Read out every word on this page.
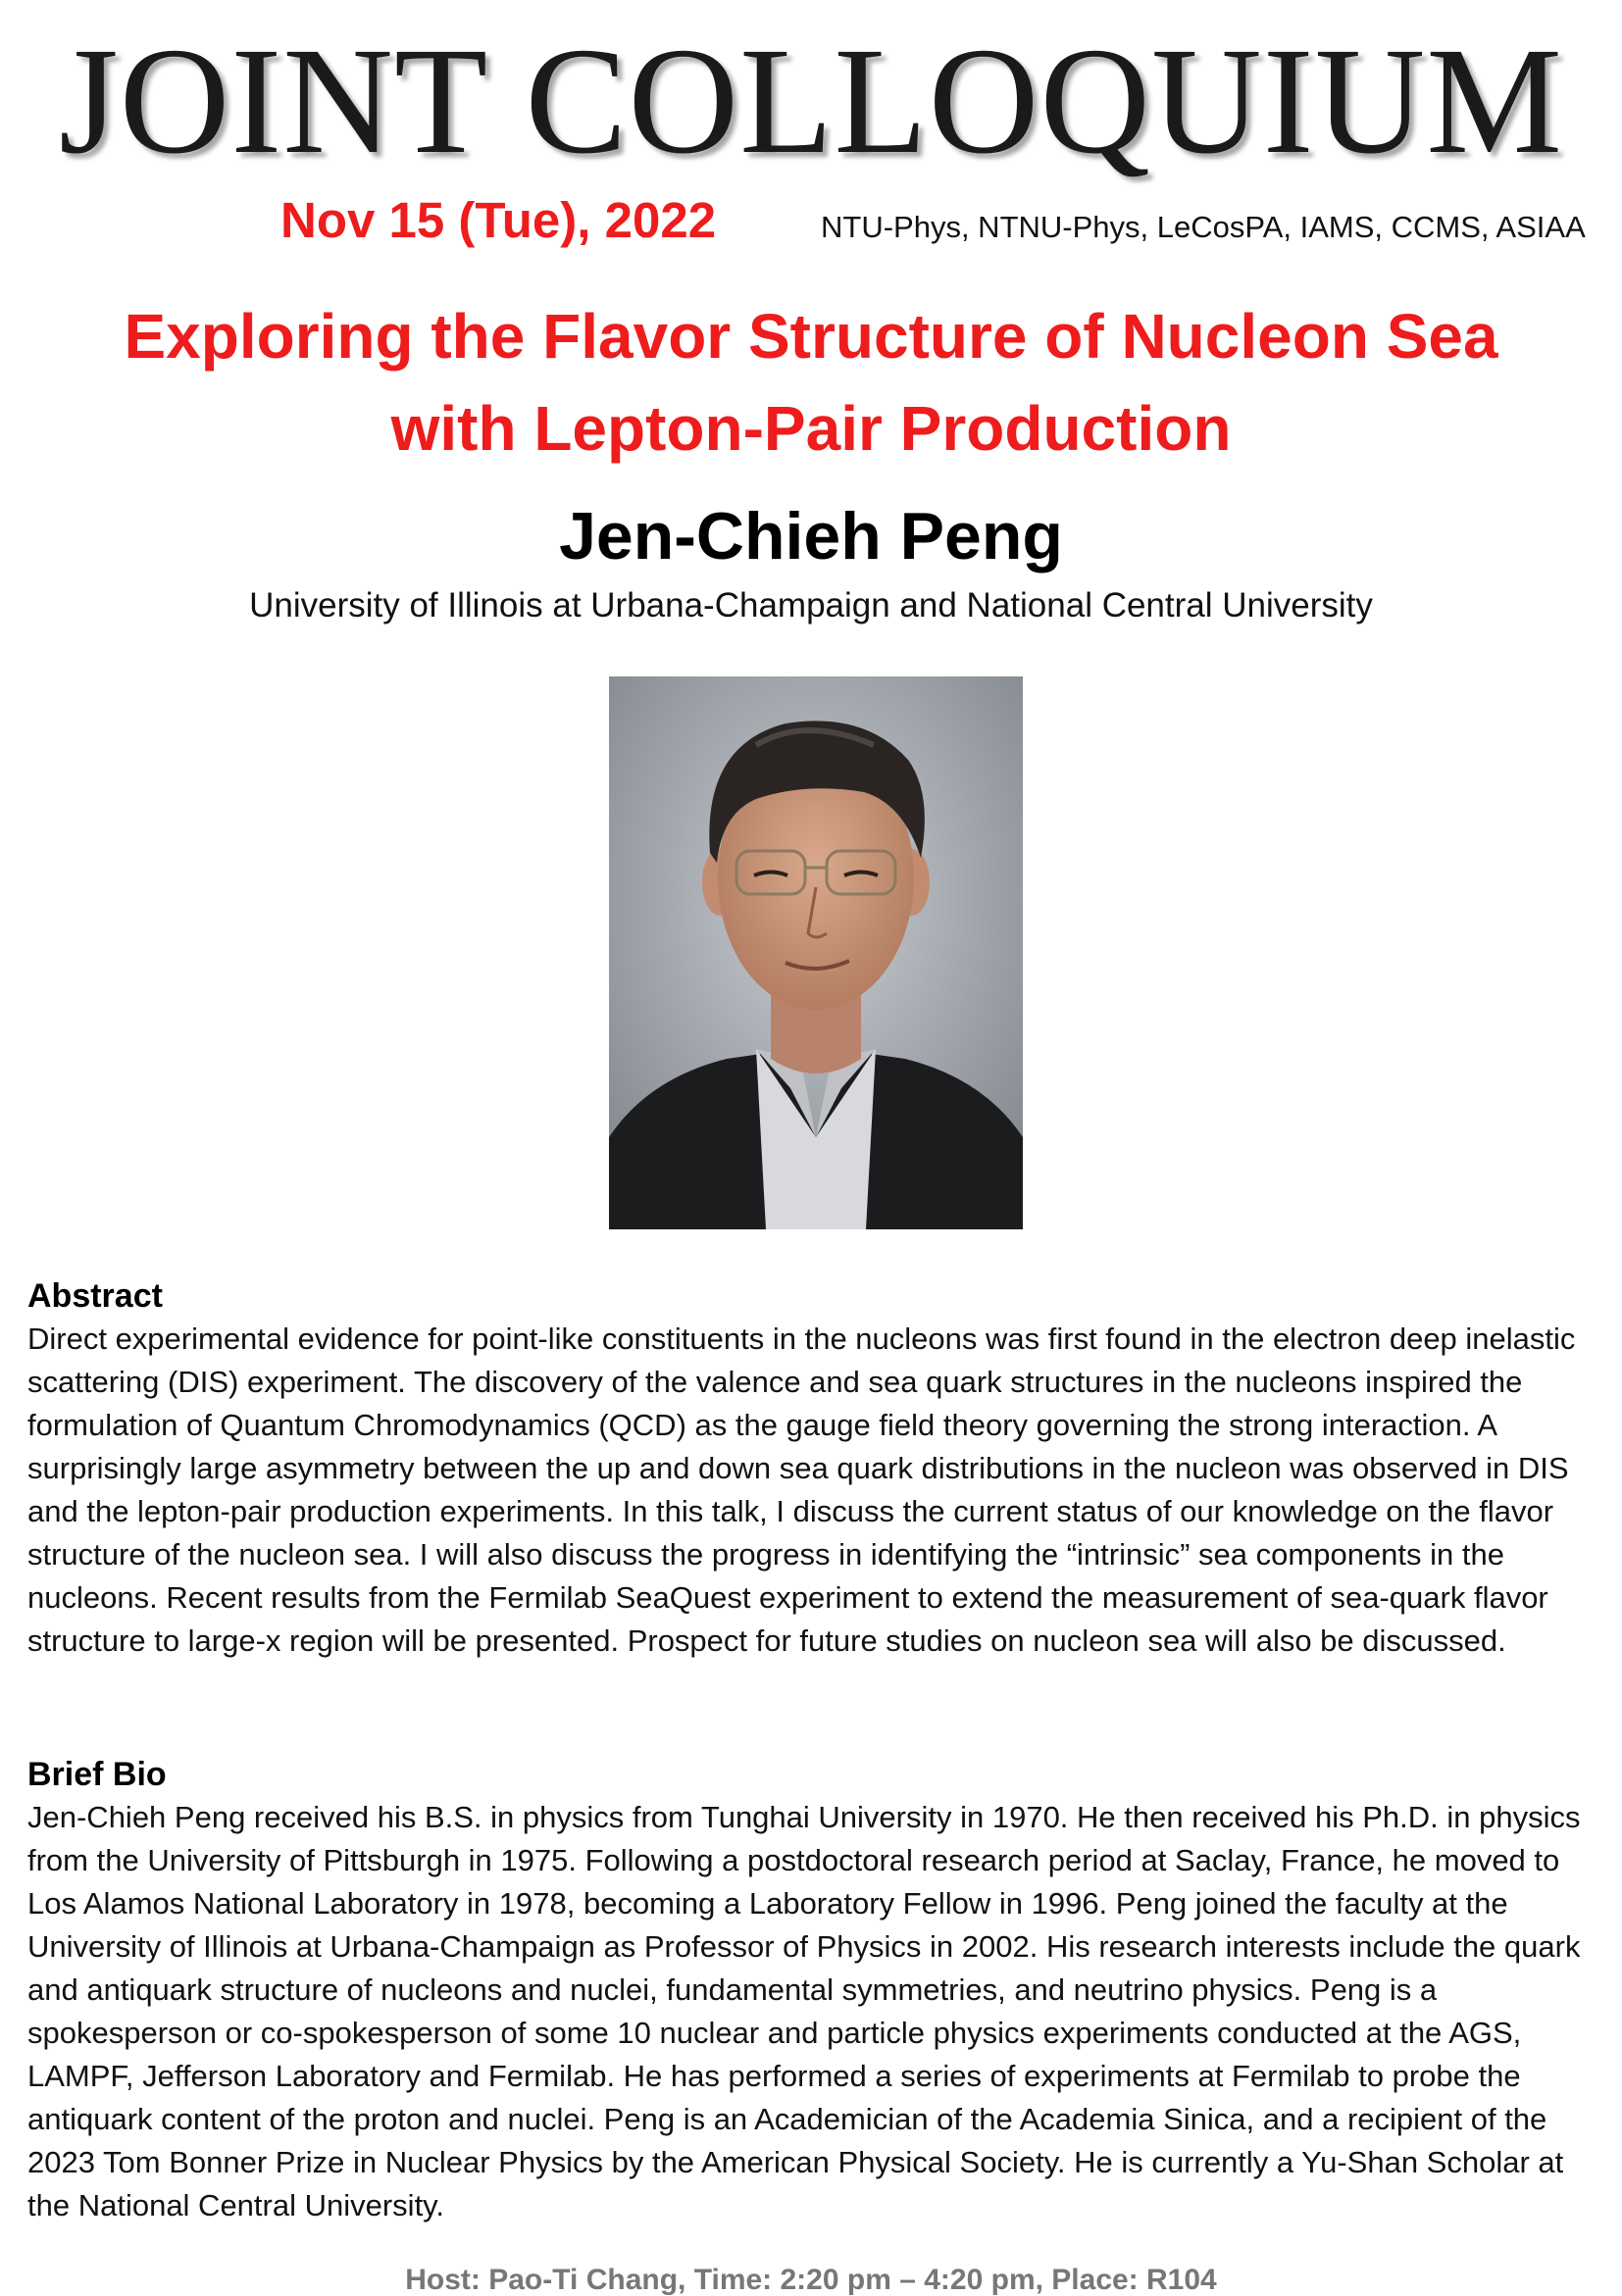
JOINT COLLOQUIUM
Nov 15 (Tue), 2022	NTU-Phys, NTNU-Phys, LeCosPA, IAMS, CCMS, ASIAA
Exploring the Flavor Structure of Nucleon Sea
with Lepton-Pair Production
Jen-Chieh Peng
University of Illinois at Urbana-Champaign and National Central University
Abstract

Direct experimental evidence for point-like constituents in the nucleons was first found in the electron deep inelastic scattering (DIS) experiment. The discovery of the valence and sea quark structures in the nucleons inspired the formulation of Quantum Chromodynamics (QCD) as the gauge field theory governing the strong interaction. A surprisingly large asymmetry between the up and down sea quark distributions in the nucleon was observed in DIS and the lepton-pair production experiments. In this talk, I discuss the current status of our knowledge on the flavor structure of the nucleon sea. I will also discuss the progress in identifying the “intrinsic” sea components in the nucleons. Recent results from the Fermilab SeaQuest experiment to extend the measurement of sea-quark flavor structure to large-x region will be presented. Prospect for future studies on nucleon sea will also be discussed.

Brief Bio

Jen-Chieh Peng received his B.S. in physics from Tunghai University in 1970. He then received his Ph.D. in physics from the University of Pittsburgh in 1975. Following a postdoctoral research period at Saclay, France, he moved to Los Alamos National Laboratory in 1978, becoming a Laboratory Fellow in 1996. Peng joined the faculty at the University of Illinois at Urbana-Champaign as Professor of Physics in 2002. His research interests include the quark and antiquark structure of nucleons and nuclei, fundamental symmetries, and neutrino physics. Peng is a spokesperson or co-spokesperson of some 10 nuclear and particle physics experiments conducted at the AGS, LAMPF, Jefferson Laboratory and Fermilab. He has performed a series of experiments at Fermilab to probe the antiquark content of the proton and nuclei. Peng is an Academician of the Academia Sinica, and a recipient of the 2023 Tom Bonner Prize in Nuclear Physics by the American Physical Society. He is currently a Yu-Shan Scholar at the National Central University.

Host: Pao-Ti Chang, Time: 2:20 pm – 4:20 pm, Place: R104
